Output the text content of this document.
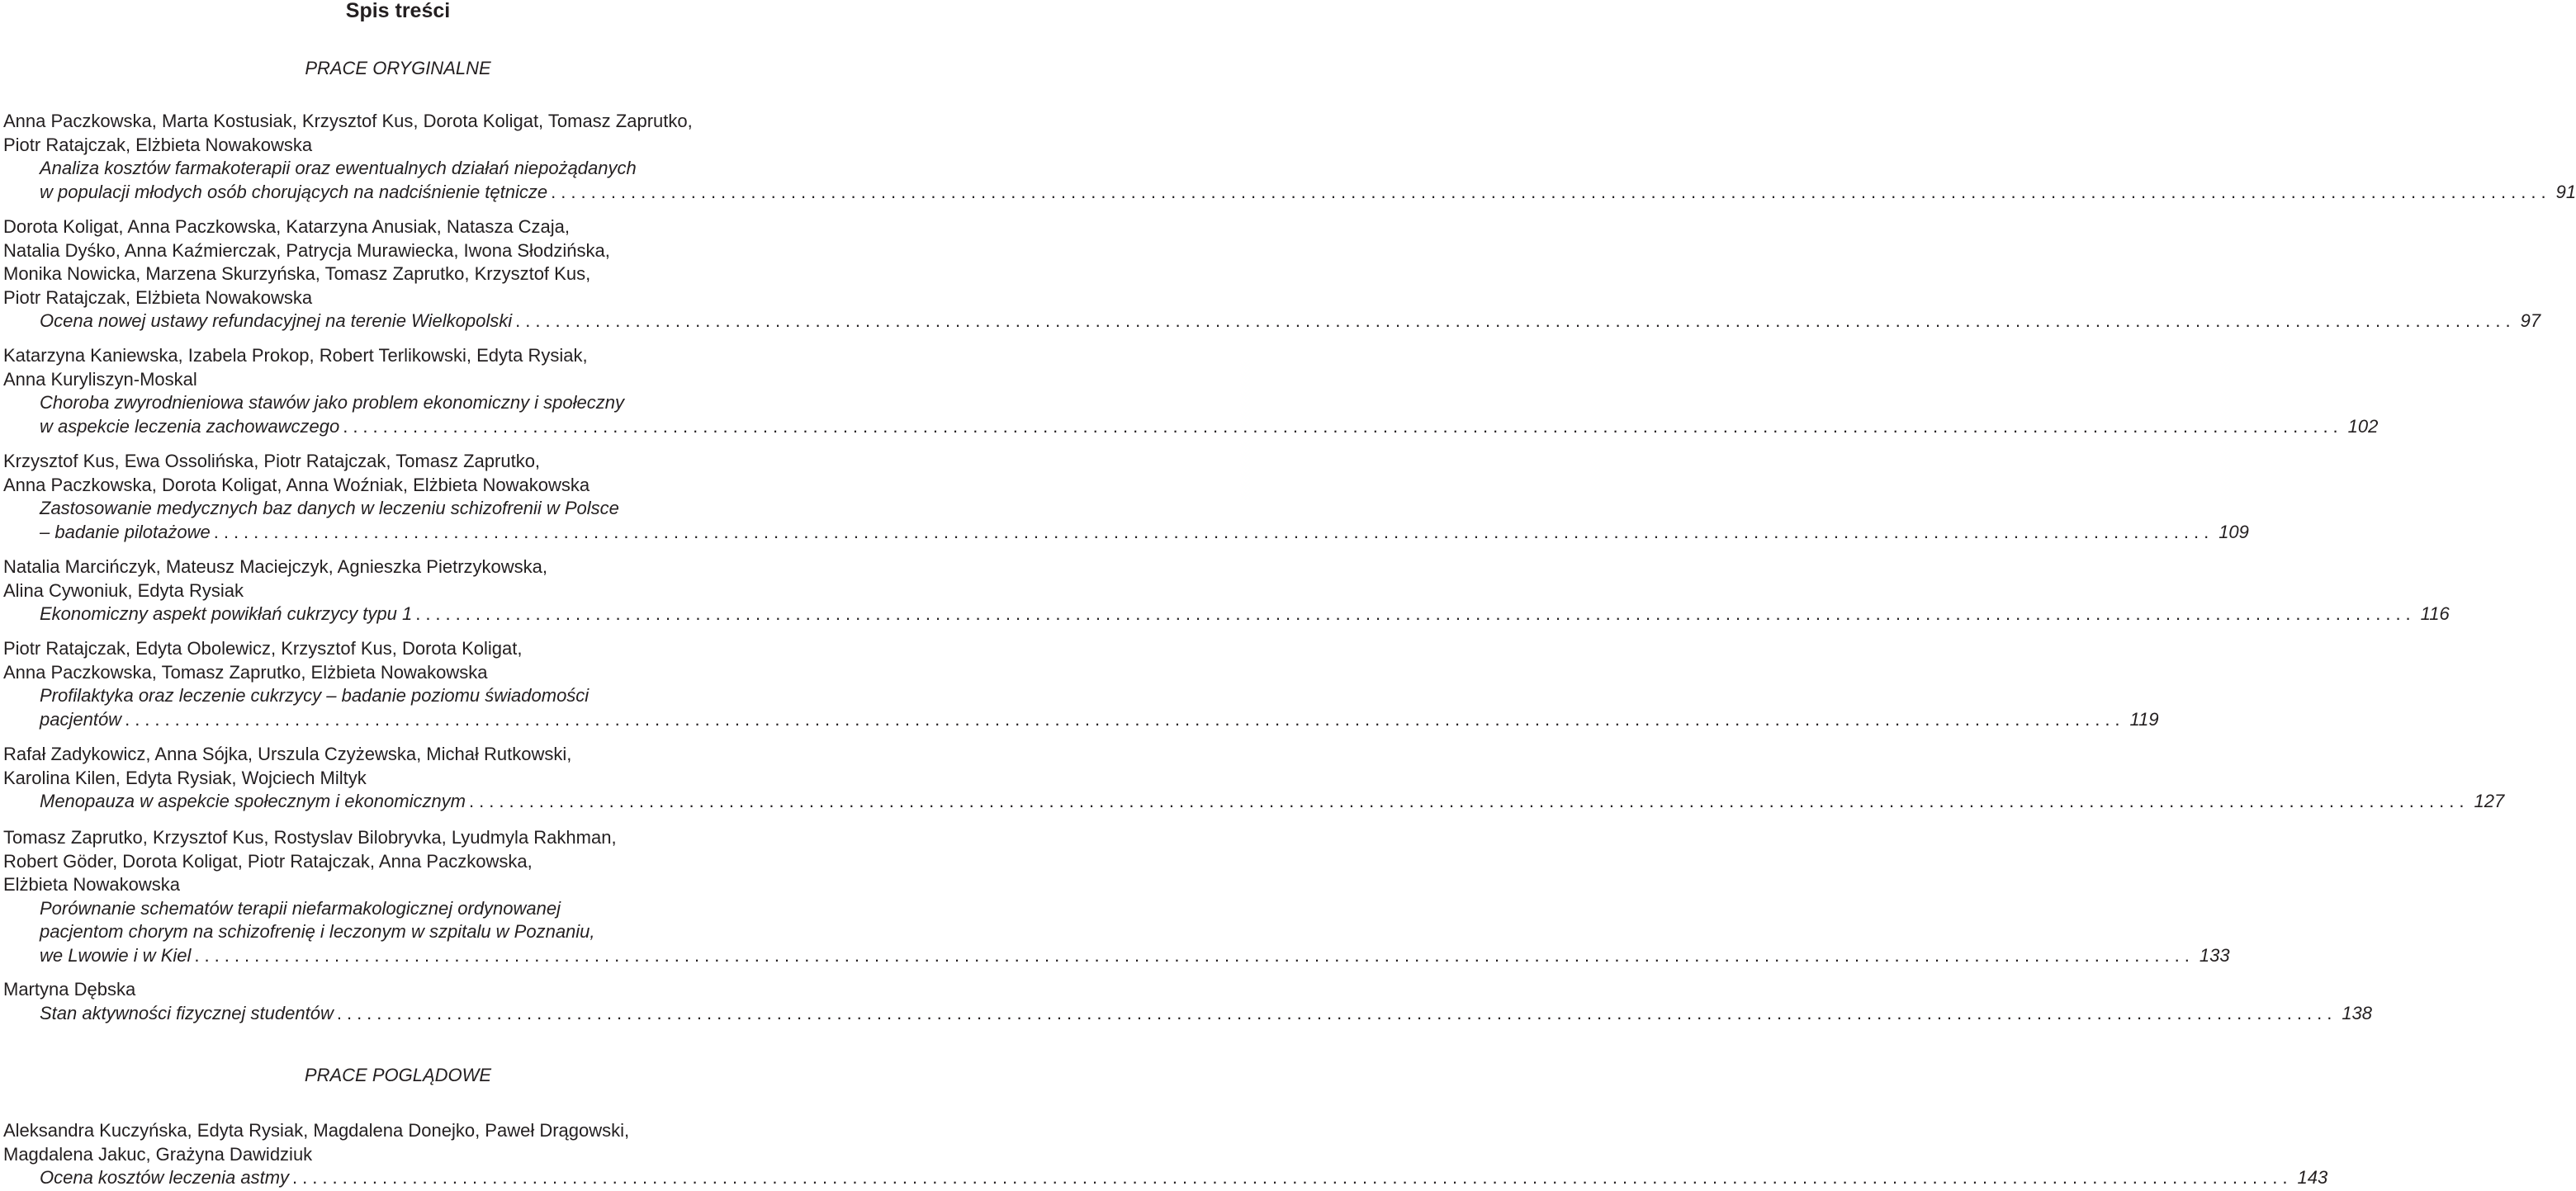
Spis treści
PRACE ORYGINALNE
Anna Paczkowska, Marta Kostusiak, Krzysztof Kus, Dorota Koligat, Tomasz Zaprutko,
Piotr Ratajczak, Elżbieta Nowakowska
Analiza kosztów farmakoterapii oraz ewentualnych działań niepożądanych
w populacji młodych osób chorujących na nadciśnienie tętnicze ........................................................................................................................................................................................................ 91
Dorota Koligat, Anna Paczkowska, Katarzyna Anusiak, Natasza Czaja,
Natalia Dyśko, Anna Kaźmierczak, Patrycja Murawiecka, Iwona Słodzińska,
Monika Nowicka, Marzena Skurzyńska, Tomasz Zaprutko, Krzysztof Kus,
Piotr Ratajczak, Elżbieta Nowakowska
Ocena nowej ustawy refundacyjnej na terenie Wielkopolski ........................................................................................................................................................................................................ 97
Katarzyna Kaniewska, Izabela Prokop, Robert Terlikowski, Edyta Rysiak,
Anna Kuryliszyn-Moskal
Choroba zwyrodnieniowa stawów jako problem ekonomiczny i społeczny
w aspekcie leczenia zachowawczego ........................................................................................................................................................................................................ 102
Krzysztof Kus, Ewa Ossolińska, Piotr Ratajczak, Tomasz Zaprutko,
Anna Paczkowska, Dorota Koligat, Anna Woźniak, Elżbieta Nowakowska
Zastosowanie medycznych baz danych w leczeniu schizofrenii w Polsce
– badanie pilotażowe ........................................................................................................................................................................................................ 109
Natalia Marcińczyk, Mateusz Maciejczyk, Agnieszka Pietrzykowska,
Alina Cywoniuk, Edyta Rysiak
Ekonomiczny aspekt powikłań cukrzycy typu 1 ........................................................................................................................................................................................................ 116
Piotr Ratajczak, Edyta Obolewicz, Krzysztof Kus, Dorota Koligat,
Anna Paczkowska, Tomasz Zaprutko, Elżbieta Nowakowska
Profilaktyka oraz leczenie cukrzycy – badanie poziomu świadomości
pacjentów ........................................................................................................................................................................................................ 119
Rafał Zadykowicz, Anna Sójka, Urszula Czyżewska, Michał Rutkowski,
Karolina Kilen, Edyta Rysiak, Wojciech Miltyk
Menopauza w aspekcie społecznym i ekonomicznym ........................................................................................................................................................................................................ 127
Tomasz Zaprutko, Krzysztof Kus, Rostyslav Bilobryvka, Lyudmyla Rakhman,
Robert Göder, Dorota Koligat, Piotr Ratajczak, Anna Paczkowska,
Elżbieta Nowakowska
Porównanie schematów terapii niefarmakologicznej ordynowanej
pacjentom chorym na schizofrenię i leczonym w szpitalu w Poznaniu,
we Lwowie i w Kiel ........................................................................................................................................................................................................ 133
Martyna Dębska
Stan aktywności fizycznej studentów ........................................................................................................................................................................................................ 138
PRACE POGLĄDOWE
Aleksandra Kuczyńska, Edyta Rysiak, Magdalena Donejko, Paweł Drągowski,
Magdalena Jakuc, Grażyna Dawidziuk
Ocena kosztów leczenia astmy ........................................................................................................................................................................................................ 143
